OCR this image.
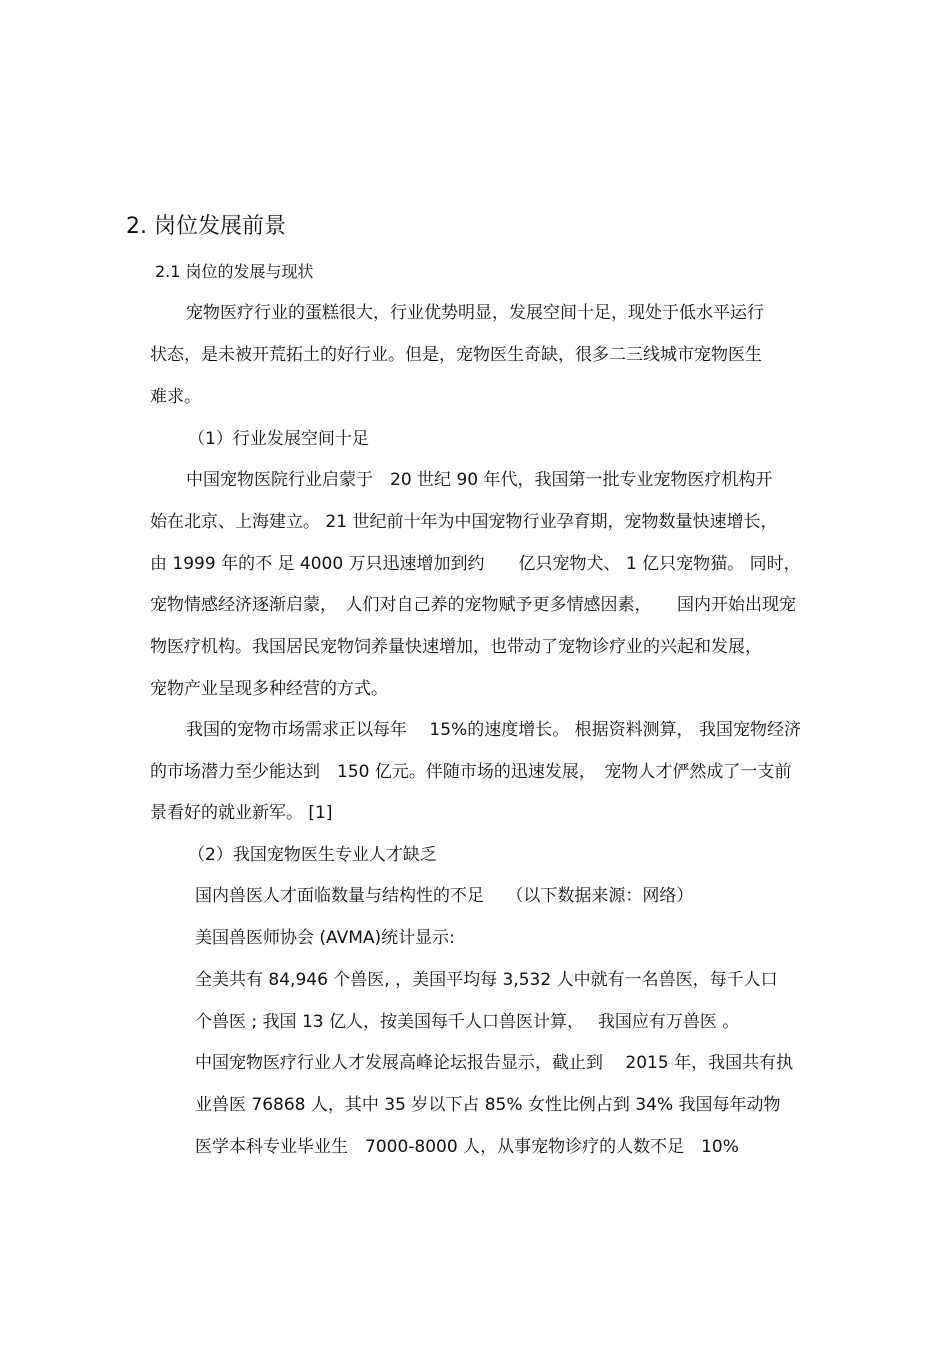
2. 岗位发展前景
2.1 岗位的发展与现状
宠物医疗行业的蛋糕很大，行业优势明显，发展空间十足，现处于低水平运行
状态，是未被开荒拓土的好行业。但是，宠物医生奇缺，很多二三线城市宠物医生
难求。
（1）行业发展空间十足
中国宠物医院行业启蒙于　20 世纪 90 年代，我国第一批专业宠物医疗机构开
始在北京、上海建立。 21 世纪前十年为中国宠物行业孕育期，宠物数量快速增长，
由 1999 年的不 足 4000 万只迅速增加到约　　亿只宠物犬、 1 亿只宠物猫。 同时，
宠物情感经济逐渐启蒙，　人们对自己养的宠物赋予更多情感因素，　　国内开始出现宠
物医疗机构。我国居民宠物饲养量快速增加，也带动了宠物诊疗业的兴起和发展，
宠物产业呈现多种经营的方式。
我国的宠物市场需求正以每年　 15%的速度增长。 根据资料测算， 我国宠物经济
的市场潜力至少能达到　150 亿元。伴随市场的迅速发展，　宠物人才俨然成了一支前
景看好的就业新军。 [1]
（2）我国宠物医生专业人才缺乏
国内兽医人才面临数量与结构性的不足　 （以下数据来源：网络）
美国兽医师协会 (AVMA)统计显示:
全美共有 84,946 个兽医, ，美国平均每 3,532 人中就有一名兽医，每千人口
个兽医 ; 我国 13 亿人，按美国每千人口兽医计算，　 我国应有万兽医 。
中国宠物医疗行业人才发展高峰论坛报告显示，截止到　 2015 年，我国共有执
业兽医 76868 人，其中 35 岁以下占 85% 女性比例占到 34% 我国每年动物
医学本科专业毕业生　7000-8000 人，从事宠物诊疗的人数不足　10%
